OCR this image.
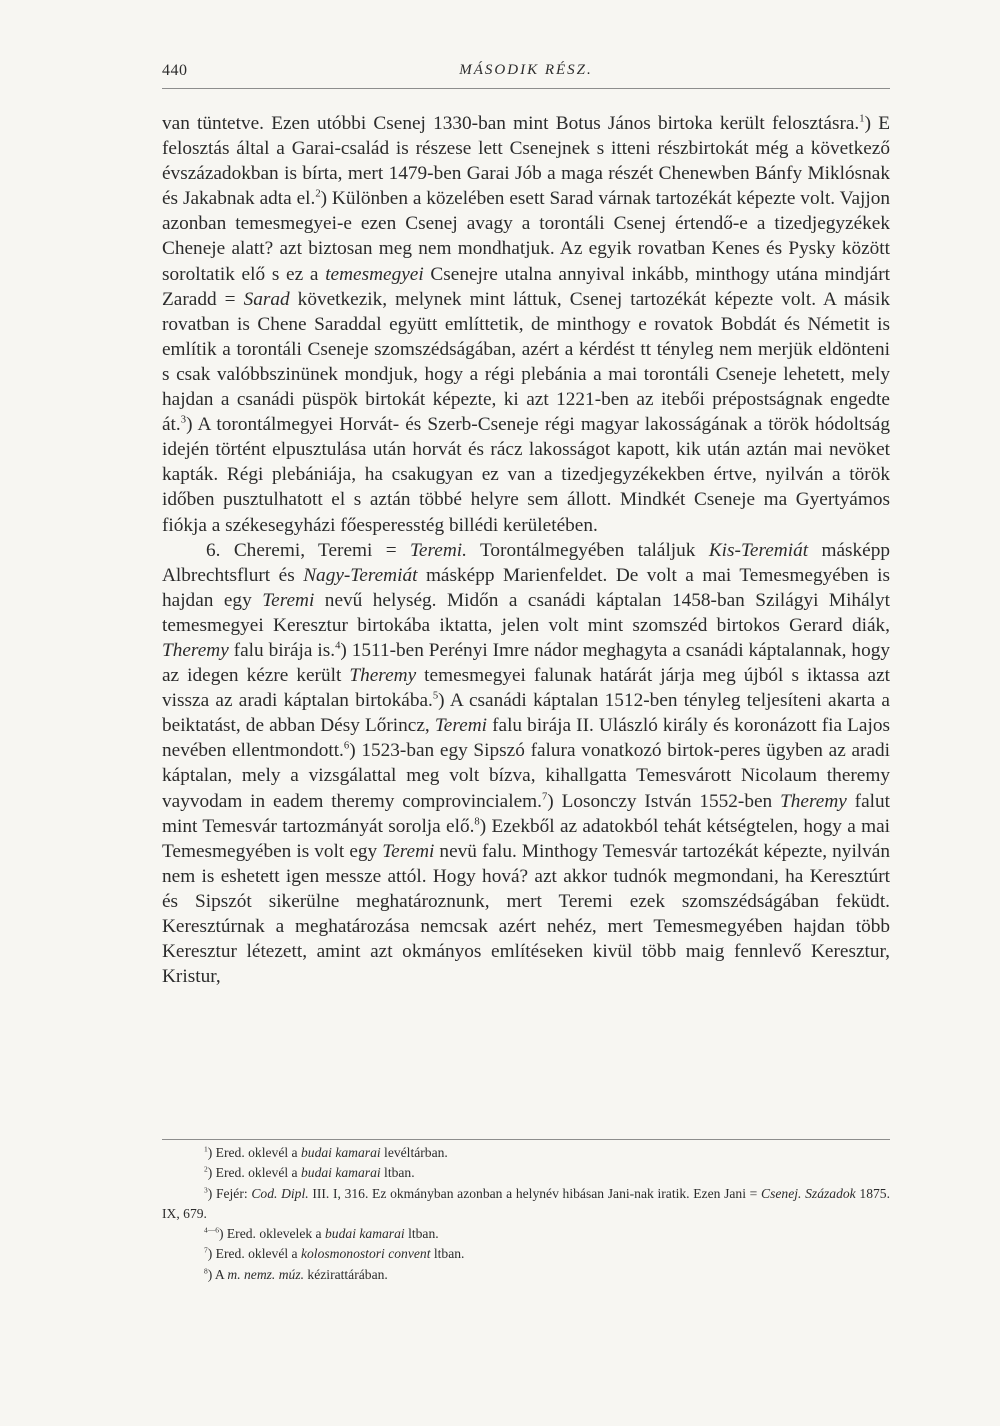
440	MÁSODIK RÉSZ.

van tüntetve. Ezen utóbbi Csenej 1330-ban mint Botus János birtoka került felosztásra.$^1$) E felosztás által a Garai-család is részese lett Csenejnek s itteni részbirtokát még a következő évszázadokban is bírta, mert 1479-ben Garai Jób a maga részét Chenewben Bánfy Miklósnak és Jakabnak adta el.$^2$) Különben a közelében esett Sarad várnak tartozékát képezte volt. Vajjon azonban temesmegyei-e ezen Csenej avagy a torontáli Csenej értendő-e a tizedjegyzékek Cheneje alatt? azt biztosan meg nem mondhatjuk. Az egyik rovatban Kenes és Pysky között soroltatik elő s ez a temesmegyei Csenejre utalna annyival inkább, minthogy utána mindjárt Zaradd = Sarad következik, melynek mint láttuk, Csenej tartozékát képezte volt. A másik rovatban is Chene Saraddal együtt említtetik, de minthogy e rovatok Bobdát és Németit is említik a torontáli Cseneje szomszédságában, azért a kérdést tt tényleg nem merjük eldönteni s csak valóbbszinünek mondjuk, hogy a régi plebánia a mai torontáli Cseneje lehetett, mely hajdan a csanádi püspök birtokát képezte, ki azt 1221-ben az itebői prépostságnak engedte át.$^3$) A torontálmegyei Horvát- és Szerb-Cseneje régi magyar lakosságának a török hódoltság idején történt elpusztulása után horvát és rácz lakosságot kapott, kik után aztán mai nevöket kapták. Régi plebániája, ha csakugyan ez van a tizedjegyzékekben értve, nyilván a török időben pusztulhatott el s aztán többé helyre sem állott. Mindkét Cseneje ma Gyertyámos fiókja a székesegyházi főesperesstég billédi kerületében.

6. Cheremi, Teremi = Teremi. Torontálmegyében találjuk Kis-Teremiát másképp Albrechtsflurt és Nagy-Teremiát másképp Marienfeldet. De volt a mai Temesmegyében is hajdan egy Teremi nevű helység. Midőn a csanádi káptalan 1458-ban Szilágyi Mihályt temesmegyei Keresztur birtokába iktatta, jelen volt mint szomszéd birtokos Gerard diák, Theremy falu birája is.$^4$) 1511-ben Perényi Imre nádor meghagyta a csanádi káptalannak, hogy az idegen kézre került Theremy temesmegyei falunak határát járja meg újból s iktassa azt vissza az aradi káptalan birtokába.$^5$) A csanádi káptalan 1512-ben tényleg teljesíteni akarta a beiktatást, de abban Désy Lőrincz, Teremi falu birája II. Ulászló király és koronázott fia Lajos nevében ellentmondott.$^6$) 1523-ban egy Sipszó falura vonatkozó birtok-peres ügyben az aradi káptalan, mely a vizsgálattal meg volt bízva, kihallgatta Temesvárott Nicolaum theremy vayvodam in eadem theremy comprovincialem.$^7$) Losonczy István 1552-ben Theremy falut mint Temesvár tartozmányát sorolja elő.$^8$) Ezekből az adatokból tehát kétségtelen, hogy a mai Temesmegyében is volt egy Teremi nevü falu. Minthogy Temesvár tartozékát képezte, nyilván nem is eshetett igen messze attól. Hogy hová? azt akkor tudnók megmondani, ha Keresztúrt és Sipszót sikerülne meghatároznunk, mert Teremi ezek szomszédságában feküdt. Keresztúrnak a meghatározása nemcsak azért nehéz, mert Temesmegyében hajdan több Keresztur létezett, amint azt okmányos említéseken kivül több maig fennlevő Keresztur, Kristur,

$^1$) Ered. oklevél a budai kamarai levéltárban.

$^2$) Ered. oklevél a budai kamarai ltban.

$^3$) Fejér: Cod. Dipl. III. I, 316. Ez okmányban azonban a helynév hibásan Jani-nak iratik. Ezen Jani = Csenej. Századok 1875. IX, 679.

$^{4—6}$) Ered. oklevelek a budai kamarai ltban.

$^7$) Ered. oklevél a kolosmonostori convent ltban.

$^8$) A m. nemz. múz. kézirattárában.
